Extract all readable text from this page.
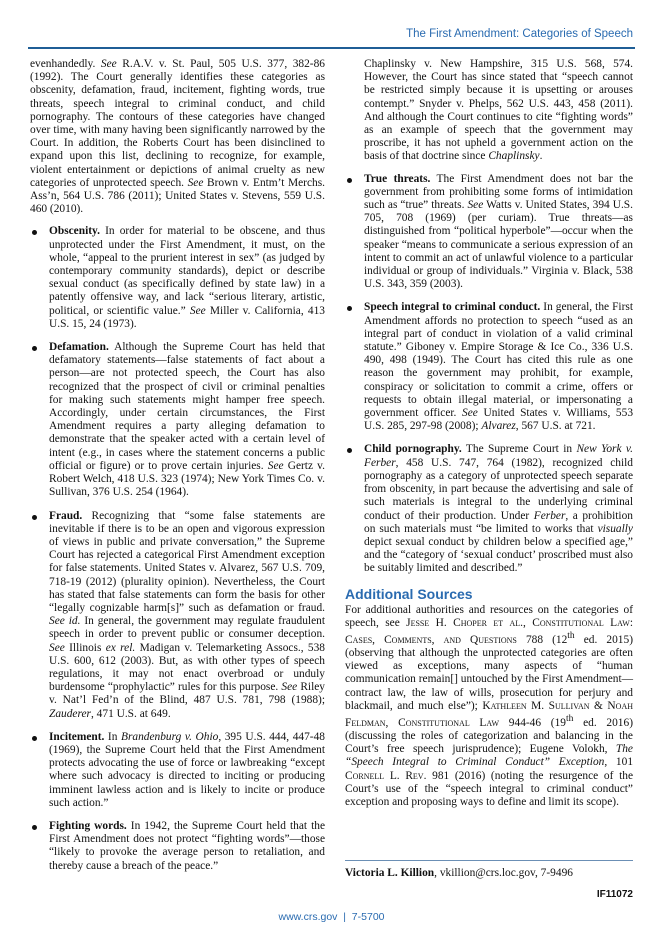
The First Amendment: Categories of Speech

evenhandedly. See R.A.V. v. St. Paul, 505 U.S. 377, 382-86 (1992). The Court generally identifies these categories as obscenity, defamation, fraud, incitement, fighting words, true threats, speech integral to criminal conduct, and child pornography. The contours of these categories have changed over time, with many having been significantly narrowed by the Court. In addition, the Roberts Court has been disinclined to expand upon this list, declining to recognize, for example, violent entertainment or depictions of animal cruelty as new categories of unprotected speech. See Brown v. Entm’t Merchs. Ass’n, 564 U.S. 786 (2011); United States v. Stevens, 559 U.S. 460 (2010).

Obscenity. In order for material to be obscene, and thus unprotected under the First Amendment, it must, on the whole, “appeal to the prurient interest in sex” (as judged by contemporary community standards), depict or describe sexual conduct (as specifically defined by state law) in a patently offensive way, and lack “serious literary, artistic, political, or scientific value.” See Miller v. California, 413 U.S. 15, 24 (1973).
Defamation. Although the Supreme Court has held that defamatory statements—false statements of fact about a person—are not protected speech, the Court has also recognized that the prospect of civil or criminal penalties for making such statements might hamper free speech. Accordingly, under certain circumstances, the First Amendment requires a party alleging defamation to demonstrate that the speaker acted with a certain level of intent (e.g., in cases where the statement concerns a public official or figure) or to prove certain injuries. See Gertz v. Robert Welch, 418 U.S. 323 (1974); New York Times Co. v. Sullivan, 376 U.S. 254 (1964).
Fraud. Recognizing that “some false statements are inevitable if there is to be an open and vigorous expression of views in public and private conversation,” the Supreme Court has rejected a categorical First Amendment exception for false statements. United States v. Alvarez, 567 U.S. 709, 718-19 (2012) (plurality opinion). Nevertheless, the Court has stated that false statements can form the basis for other “legally cognizable harm[s]” such as defamation or fraud. See id. In general, the government may regulate fraudulent speech in order to prevent public or consumer deception. See Illinois ex rel. Madigan v. Telemarketing Assocs., 538 U.S. 600, 612 (2003). But, as with other types of speech regulations, it may not enact overbroad or unduly burdensome “prophylactic” rules for this purpose. See Riley v. Nat’l Fed’n of the Blind, 487 U.S. 781, 798 (1988); Zauderer, 471 U.S. at 649.
Incitement. In Brandenburg v. Ohio, 395 U.S. 444, 447-48 (1969), the Supreme Court held that the First Amendment protects advocating the use of force or lawbreaking “except where such advocacy is directed to inciting or producing imminent lawless action and is likely to incite or produce such action.”
Fighting words. In 1942, the Supreme Court held that the First Amendment does not protect “fighting words”—those “likely to provoke the average person to retaliation, and thereby cause a breach of the peace.”

Chaplinsky v. New Hampshire, 315 U.S. 568, 574. However, the Court has since stated that “speech cannot be restricted simply because it is upsetting or arouses contempt.” Snyder v. Phelps, 562 U.S. 443, 458 (2011). And although the Court continues to cite “fighting words” as an example of speech that the government may proscribe, it has not upheld a government action on the basis of that doctrine since Chaplinsky.

True threats. The First Amendment does not bar the government from prohibiting some forms of intimidation such as “true” threats. See Watts v. United States, 394 U.S. 705, 708 (1969) (per curiam). True threats—as distinguished from “political hyperbole”—occur when the speaker “means to communicate a serious expression of an intent to commit an act of unlawful violence to a particular individual or group of individuals.” Virginia v. Black, 538 U.S. 343, 359 (2003).
Speech integral to criminal conduct. In general, the First Amendment affords no protection to speech “used as an integral part of conduct in violation of a valid criminal statute.” Giboney v. Empire Storage & Ice Co., 336 U.S. 490, 498 (1949). The Court has cited this rule as one reason the government may prohibit, for example, conspiracy or solicitation to commit a crime, offers or requests to obtain illegal material, or impersonating a government officer. See United States v. Williams, 553 U.S. 285, 297-98 (2008); Alvarez, 567 U.S. at 721.
Child pornography. The Supreme Court in New York v. Ferber, 458 U.S. 747, 764 (1982), recognized child pornography as a category of unprotected speech separate from obscenity, in part because the advertising and sale of such materials is integral to the underlying criminal conduct of their production. Under Ferber, a prohibition on such materials must “be limited to works that visually depict sexual conduct by children below a specified age,” and the “category of ‘sexual conduct’ proscribed must also be suitably limited and described.”
Additional Sources

For additional authorities and resources on the categories of speech, see Jesse H. Choper et al., Constitutional Law: Cases, Comments, and Questions 788 (12th ed. 2015) (observing that although the unprotected categories are often viewed as exceptions, many aspects of “human communication remain[] untouched by the First Amendment—contract law, the law of wills, prosecution for perjury and blackmail, and much else”); Kathleen M. Sullivan & Noah Feldman, Constitutional Law 944-46 (19th ed. 2016) (discussing the roles of categorization and balancing in the Court’s free speech jurisprudence); Eugene Volokh, The “Speech Integral to Criminal Conduct” Exception, 101 Cornell L. Rev. 981 (2016) (noting the resurgence of the Court’s use of the “speech integral to criminal conduct” exception and proposing ways to define and limit its scope).

Victoria L. Killion, vkillion@crs.loc.gov, 7-9496
IF11072
www.crs.gov  |  7-5700
